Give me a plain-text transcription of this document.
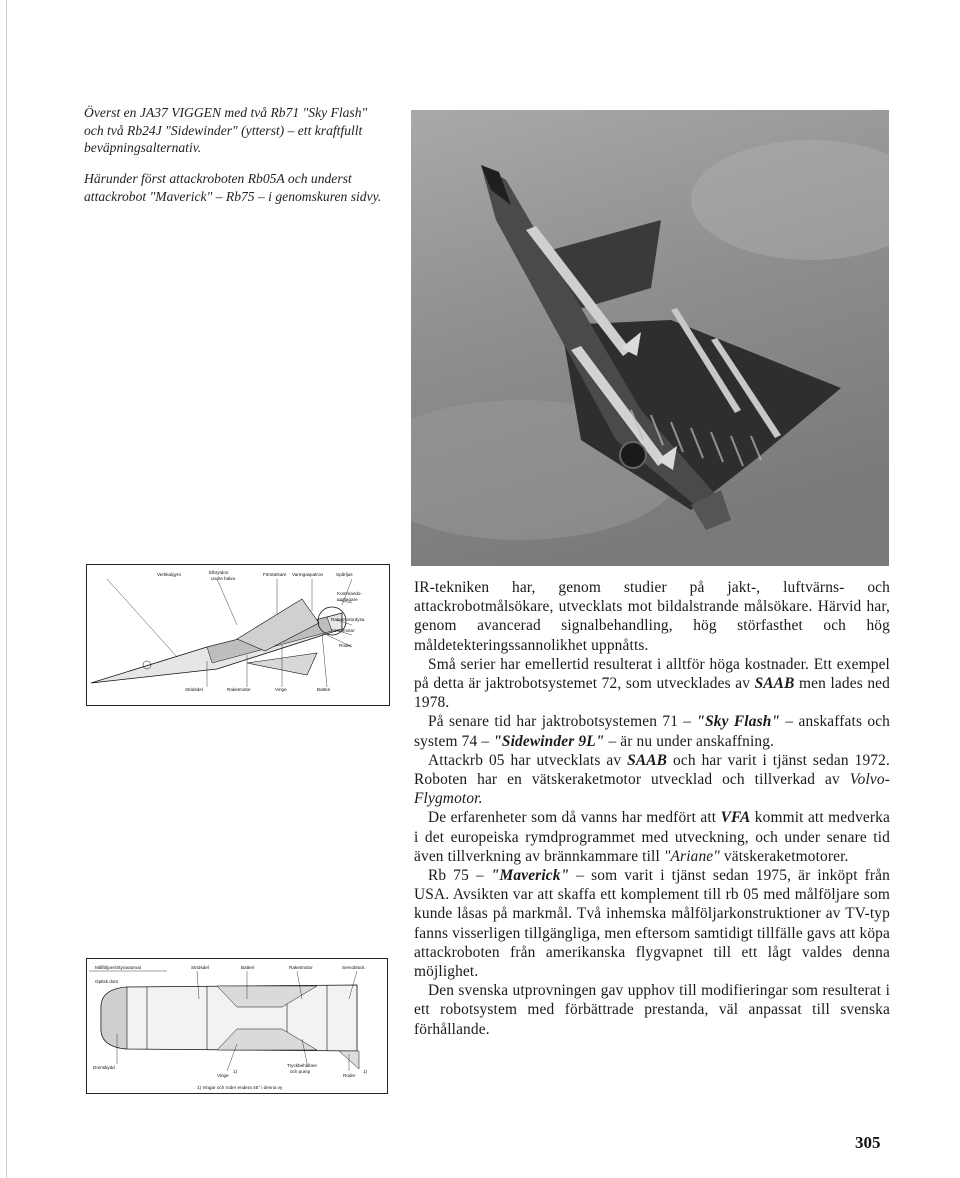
Överst en JA37 VIGGEN med två Rb71 "Sky Flash" och två Rb24J "Sidewinder" (ytterst) – ett kraftfullt beväpningsalternativ.

Härunder först attackroboten Rb05A och underst attackrobot "Maverick" – Rb75 – i genomskuren sidvy.

Vertikalgyro	Elbrytdon
undre halva
Förstärkare Varmgaspatron	Spårljus
Kommando-
mottagare
Raketmotordysa
Servomotor
Roder
Stridsdel	Raketmotor	Vinge	Batteri
Målföljare/Styrautomat
Optisk dom
Stridsdel	Batteri	Raketmotor	Servoblock
Domskydd
Vinge
1)
Tryckbehållare
och pump
Roder
1)
1) Vingar och roder endera 45° i denna vy

IR-tekniken har, genom studier på jakt-, luftvärns- och attackrobotmålsökare, utvecklats mot bildalstrande målsökare. Härvid har, genom avancerad signalbehandling, hög störfasthet och hög måldetekteringssannolikhet uppnåtts.

Små serier har emellertid resulterat i alltför höga kostnader. Ett exempel på detta är jaktrobotsystemet 72, som utvecklades av SAAB men lades ned 1978.

På senare tid har jaktrobotsystemen 71 – "Sky Flash" – anskaffats och system 74 – "Sidewinder 9L" – är nu under anskaffning.

Attackrb 05 har utvecklats av SAAB och har varit i tjänst sedan 1972. Roboten har en vätskeraketmotor utvecklad och tillverkad av Volvo-Flygmotor.

De erfarenheter som då vanns har medfört att VFA kommit att medverka i det europeiska rymdprogrammet med utveckning, och under senare tid även tillverkning av brännkammare till "Ariane" vätskeraketmotorer.

Rb 75 – "Maverick" – som varit i tjänst sedan 1975, är inköpt från USA. Avsikten var att skaffa ett komplement till rb 05 med målföljare som kunde låsas på markmål. Två inhemska målföljarkonstruktioner av TV-typ fanns visserligen tillgängliga, men eftersom samtidigt tillfälle gavs att köpa attackroboten från amerikanska flygvapnet till ett lågt valdes denna möjlighet.

Den svenska utprovningen gav upphov till modifieringar som resulterat i ett robotsystem med förbättrade prestanda, väl anpassat till svenska förhållande.

305
